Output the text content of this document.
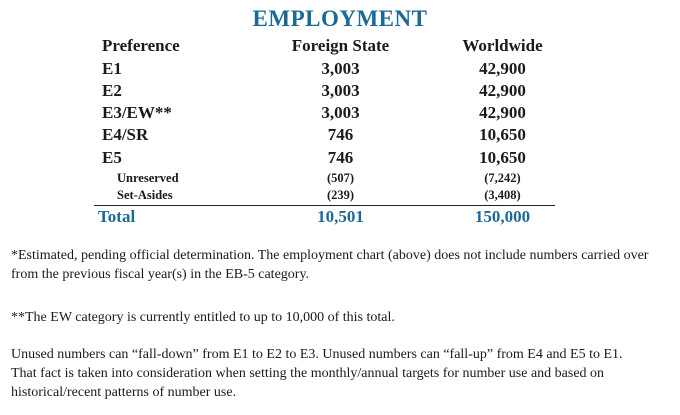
EMPLOYMENT
Preference	Foreign State	Worldwide
E1	3,003	42,900
E2	3,003	42,900
E3/EW**	3,003	42,900
E4/SR	746	10,650
E5	746	10,650
Unreserved	(507)	(7,242)
Set-Asides	(239)	(3,408)
Total	10,501	150,000

*Estimated, pending official determination. The employment chart (above) does not include numbers carried over from the previous fiscal year(s) in the EB-5 category.

**The EW category is currently entitled to up to 10,000 of this total.

Unused numbers can “fall-down” from E1 to E2 to E3. Unused numbers can “fall-up” from E4 and E5 to E1. That fact is taken into consideration when setting the monthly/annual targets for number use and based on historical/recent patterns of number use.
